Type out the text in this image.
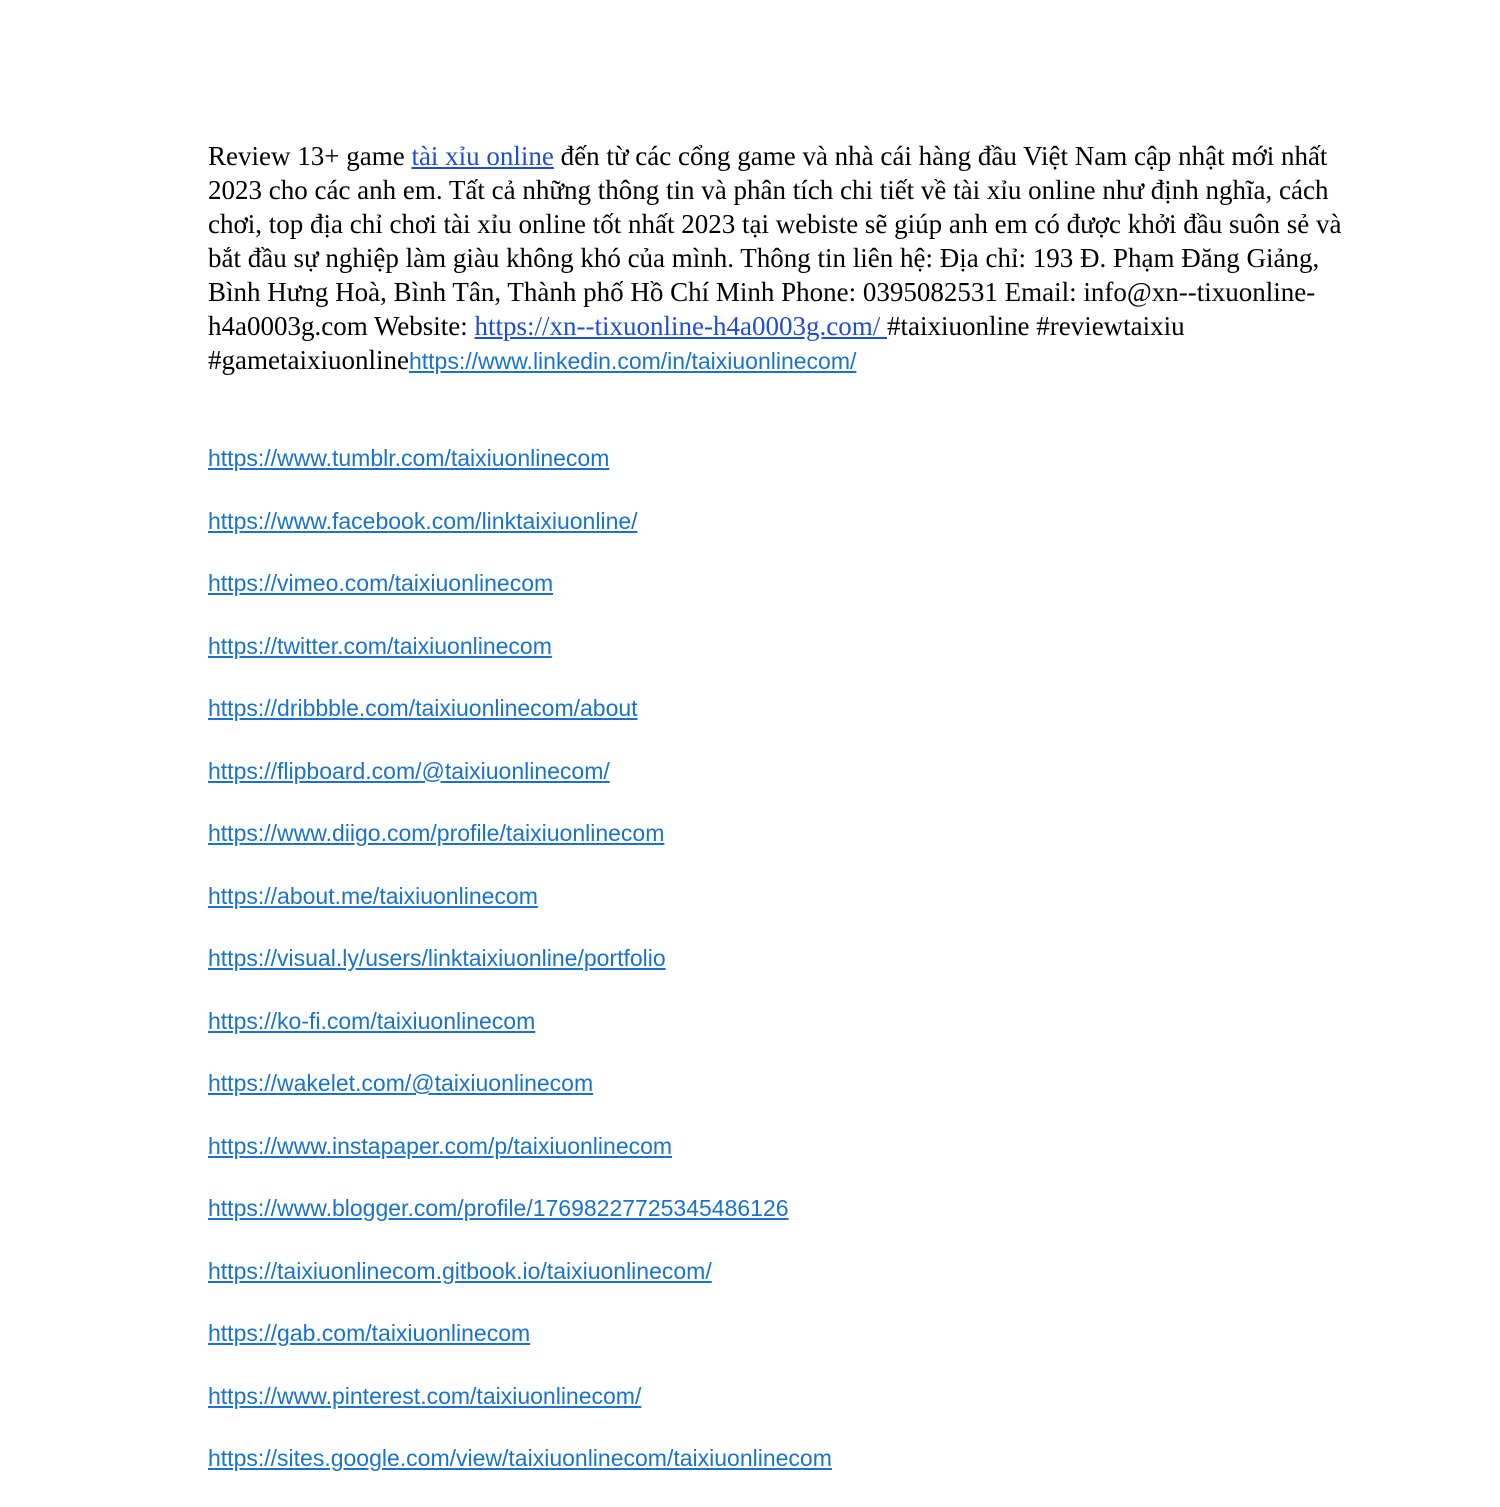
Review 13+ game tài xỉu online đến từ các cổng game và nhà cái hàng đầu Việt Nam cập nhật mới nhất 2023 cho các anh em. Tất cả những thông tin và phân tích chi tiết về tài xỉu online như định nghĩa, cách chơi, top địa chỉ chơi tài xỉu online tốt nhất 2023 tại webiste sẽ giúp anh em có được khởi đầu suôn sẻ và bắt đầu sự nghiệp làm giàu không khó của mình. Thông tin liên hệ: Địa chỉ: 193 Đ. Phạm Đăng Giảng, Bình Hưng Hoà, Bình Tân, Thành phố Hồ Chí Minh Phone: 0395082531 Email: info@xn--tixuonline-h4a0003g.com Website: https://xn--tixuonline-h4a0003g.com/ #taixiuonline #reviewtaixiu #gametaixiuonlinehttps://www.linkedin.com/in/taixiuonlinecom/

https://www.tumblr.com/taixiuonlinecom
https://www.facebook.com/linktaixiuonline/
https://vimeo.com/taixiuonlinecom
https://twitter.com/taixiuonlinecom
https://dribbble.com/taixiuonlinecom/about
https://flipboard.com/@taixiuonlinecom/
https://www.diigo.com/profile/taixiuonlinecom
https://about.me/taixiuonlinecom
https://visual.ly/users/linktaixiuonline/portfolio
https://ko-fi.com/taixiuonlinecom
https://wakelet.com/@taixiuonlinecom
https://www.instapaper.com/p/taixiuonlinecom
https://www.blogger.com/profile/17698227725345486126
https://taixiuonlinecom.gitbook.io/taixiuonlinecom/
https://gab.com/taixiuonlinecom
https://www.pinterest.com/taixiuonlinecom/
https://sites.google.com/view/taixiuonlinecom/taixiuonlinecom
